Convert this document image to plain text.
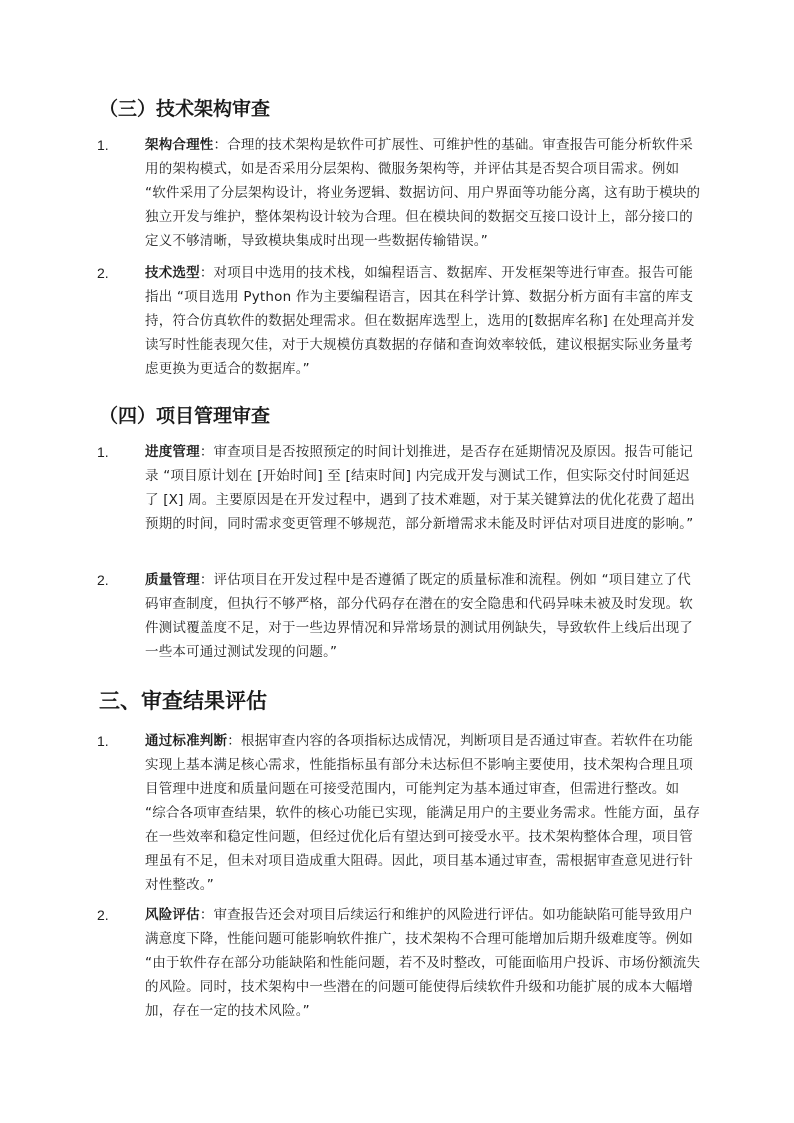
（三）技术架构审查
1.	架构合理性：合理的技术架构是软件可扩展性、可维护性的基础。审查报告可能分析软件采用的架构模式，如是否采用分层架构、微服务架构等，并评估其是否契合项目需求。例如 “软件采用了分层架构设计，将业务逻辑、数据访问、用户界面等功能分离，这有助于模块的独立开发与维护，整体架构设计较为合理。但在模块间的数据交互接口设计上，部分接口的定义不够清晰，导致模块集成时出现一些数据传输错误。”
2.	技术选型：对项目中选用的技术栈，如编程语言、数据库、开发框架等进行审查。报告可能指出 “项目选用 Python 作为主要编程语言，因其在科学计算、数据分析方面有丰富的库支持，符合仿真软件的数据处理需求。但在数据库选型上，选用的[数据库名称] 在处理高并发读写时性能表现欠佳，对于大规模仿真数据的存储和查询效率较低，建议根据实际业务量考虑更换为更适合的数据库。”
（四）项目管理审查
1.	进度管理：审查项目是否按照预定的时间计划推进，是否存在延期情况及原因。报告可能记录 “项目原计划在 [开始时间] 至 [结束时间] 内完成开发与测试工作，但实际交付时间延迟了 [X] 周。主要原因是在开发过程中，遇到了技术难题，对于某关键算法的优化花费了超出预期的时间，同时需求变更管理不够规范，部分新增需求未能及时评估对项目进度的影响。”
2.	质量管理：评估项目在开发过程中是否遵循了既定的质量标准和流程。例如 “项目建立了代码审查制度，但执行不够严格，部分代码存在潜在的安全隐患和代码异味未被及时发现。软件测试覆盖度不足，对于一些边界情况和异常场景的测试用例缺失，导致软件上线后出现了一些本可通过测试发现的问题。”
三、审查结果评估
1.	通过标准判断：根据审查内容的各项指标达成情况，判断项目是否通过审查。若软件在功能实现上基本满足核心需求，性能指标虽有部分未达标但不影响主要使用，技术架构合理且项目管理中进度和质量问题在可接受范围内，可能判定为基本通过审查，但需进行整改。如 “综合各项审查结果，软件的核心功能已实现，能满足用户的主要业务需求。性能方面，虽存在一些效率和稳定性问题，但经过优化后有望达到可接受水平。技术架构整体合理，项目管理虽有不足，但未对项目造成重大阻碍。因此，项目基本通过审查，需根据审查意见进行针对性整改。”
2.	风险评估：审查报告还会对项目后续运行和维护的风险进行评估。如功能缺陷可能导致用户满意度下降，性能问题可能影响软件推广，技术架构不合理可能增加后期升级难度等。例如 “由于软件存在部分功能缺陷和性能问题，若不及时整改，可能面临用户投诉、市场份额流失的风险。同时，技术架构中一些潜在的问题可能使得后续软件升级和功能扩展的成本大幅增加，存在一定的技术风险。”
